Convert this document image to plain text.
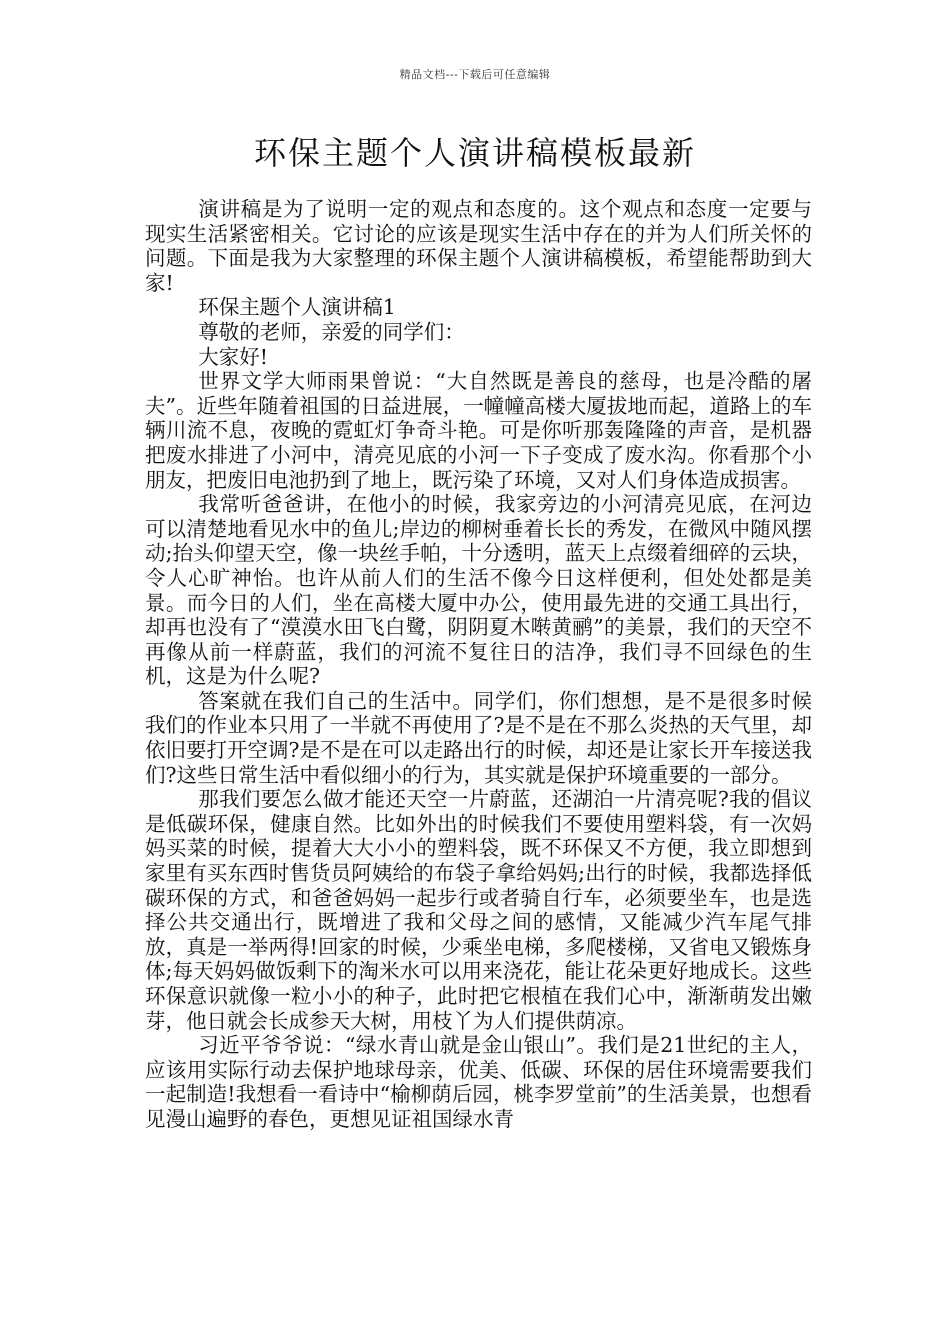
精品文档---下载后可任意编辑
环保主题个人演讲稿模板最新

演讲稿是为了说明一定的观点和态度的。这个观点和态度一定要与现实生活紧密相关。它讨论的应该是现实生活中存在的并为人们所关怀的问题。下面是我为大家整理的环保主题个人演讲稿模板，希望能帮助到大家!

环保主题个人演讲稿1

尊敬的老师，亲爱的同学们：

大家好!

世界文学大师雨果曾说：“大自然既是善良的慈母，也是冷酷的屠夫”。近些年随着祖国的日益进展，一幢幢高楼大厦拔地而起，道路上的车辆川流不息，夜晚的霓虹灯争奇斗艳。可是你听那轰隆隆的声音，是机器把废水排进了小河中，清亮见底的小河一下子变成了废水沟。你看那个小朋友，把废旧电池扔到了地上，既污染了环境，又对人们身体造成损害。

我常听爸爸讲，在他小的时候，我家旁边的小河清亮见底，在河边可以清楚地看见水中的鱼儿;岸边的柳树垂着长长的秀发，在微风中随风摆动;抬头仰望天空，像一块丝手帕，十分透明，蓝天上点缀着细碎的云块，令人心旷神怡。也许从前人们的生活不像今日这样便利，但处处都是美景。而今日的人们，坐在高楼大厦中办公，使用最先进的交通工具出行，却再也没有了“漠漠水田飞白鹭，阴阴夏木啭黄鹂”的美景，我们的天空不再像从前一样蔚蓝，我们的河流不复往日的洁净，我们寻不回绿色的生机，这是为什么呢?

答案就在我们自己的生活中。同学们，你们想想，是不是很多时候我们的作业本只用了一半就不再使用了?是不是在不那么炎热的天气里，却依旧要打开空调?是不是在可以走路出行的时候，却还是让家长开车接送我们?这些日常生活中看似细小的行为，其实就是保护环境重要的一部分。

那我们要怎么做才能还天空一片蔚蓝，还湖泊一片清亮呢?我的倡议是低碳环保，健康自然。比如外出的时候我们不要使用塑料袋，有一次妈妈买菜的时候，提着大大小小的塑料袋，既不环保又不方便，我立即想到家里有买东西时售货员阿姨给的布袋子拿给妈妈;出行的时候，我都选择低碳环保的方式，和爸爸妈妈一起步行或者骑自行车，必须要坐车，也是选择公共交通出行，既增进了我和父母之间的感情，又能减少汽车尾气排放，真是一举两得!回家的时候，少乘坐电梯，多爬楼梯，又省电又锻炼身体;每天妈妈做饭剩下的淘米水可以用来浇花，能让花朵更好地成长。这些环保意识就像一粒小小的种子，此时把它根植在我们心中，渐渐萌发出嫩芽，他日就会长成参天大树，用枝丫为人们提供荫凉。

习近平爷爷说：“绿水青山就是金山银山”。我们是21世纪的主人，应该用实际行动去保护地球母亲，优美、低碳、环保的居住环境需要我们一起制造!我想看一看诗中“榆柳荫后园，桃李罗堂前”的生活美景，也想看见漫山遍野的春色，更想见证祖国绿水青
